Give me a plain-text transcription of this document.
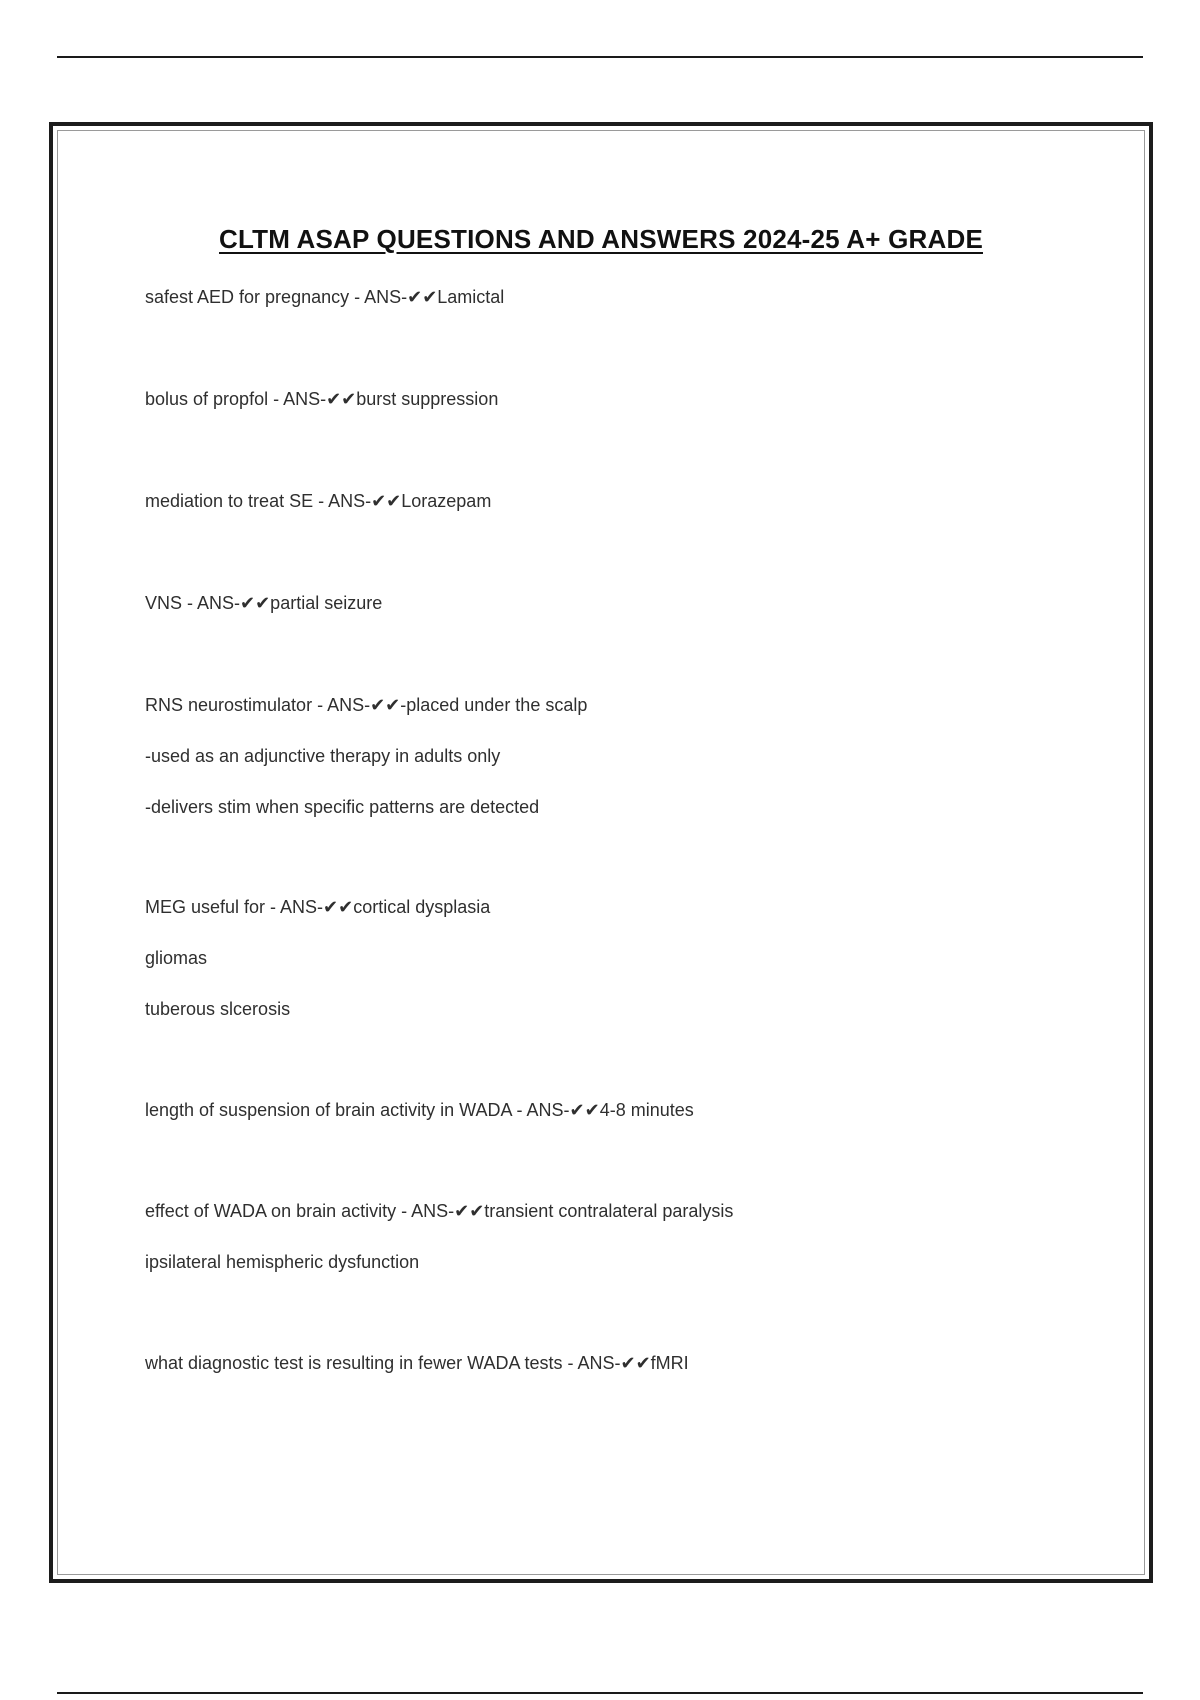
CLTM ASAP QUESTIONS AND ANSWERS 2024-25 A+ GRADE

safest AED for pregnancy - ANS-✔✔Lamictal

bolus of propfol - ANS-✔✔burst suppression

mediation to treat SE - ANS-✔✔Lorazepam

VNS - ANS-✔✔partial seizure

RNS neurostimulator - ANS-✔✔-placed under the scalp

-used as an adjunctive therapy in adults only

-delivers stim when specific patterns are detected

MEG useful for - ANS-✔✔cortical dysplasia

gliomas

tuberous slcerosis

length of suspension of brain activity in WADA - ANS-✔✔4-8 minutes

effect of WADA on brain activity - ANS-✔✔transient contralateral paralysis

ipsilateral hemispheric dysfunction

what diagnostic test is resulting in fewer WADA tests - ANS-✔✔fMRI
